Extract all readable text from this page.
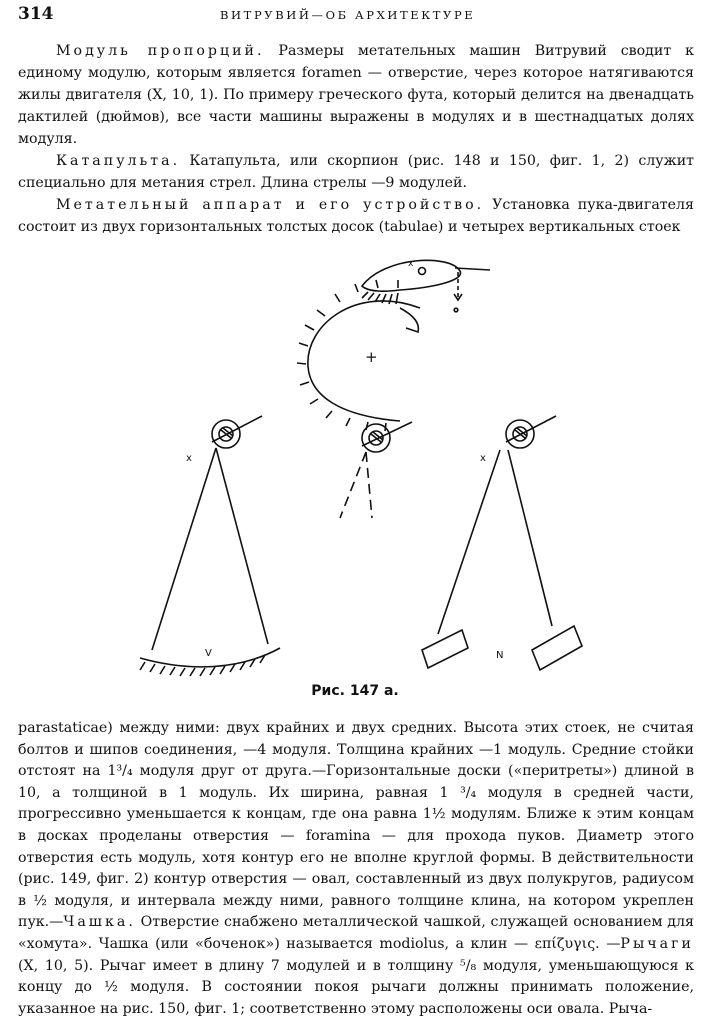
314	ВИТРУВИЙ—ОБ АРХИТЕКТУРЕ

Модуль пропорций. Размеры метательных машин Витрувий сводит к единому модулю, которым является foramen — отверстие, через которое натягиваются жилы двигателя (X, 10, 1). По примеру греческого фута, который делится на двенадцать дактилей (дюймов), все части машины выражены в модулях и в шестнадцатых долях модуля.

Катапульта. Катапульта, или скорпион (рис. 148 и 150, фиг. 1, 2) служит специально для метания стрел. Длина стрелы —9 модулей.

Метательный аппарат и его устройство. Установка пука-двигателя состоит из двух горизонтальных толстых досок (tabulae) и четырех вертикальных стоек

x
+
x
V
x
N
Рис. 147 а.

parastaticae) между ними: двух крайних и двух средних. Высота этих стоек, не считая болтов и шипов соединения, —4 модуля. Толщина крайних —1 модуль. Средние стойки отстоят на 1³/₄ модуля друг от друга.—Горизонтальные доски («перитреты») длиной в 10, а толщиной в 1 модуль. Их ширина, равная 1 ³/₄ модуля в средней части, прогрессивно уменьшается к концам, где она равна 1½ модулям. Ближе к этим концам в досках проделаны отверстия — foramina — для прохода пуков. Диаметр этого отверстия есть модуль, хотя контур его не вполне круглой формы. В действительности (рис. 149, фиг. 2) контур отверстия — овал, составленный из двух полукругов, радиусом в ½ модуля, и интервала между ними, равного толщине клина, на котором укреплен пук.—Чашка. Отверстие снабжено металлической чашкой, служащей основанием для «хомута». Чашка (или «боченок») называется modiolus, а клин — επίζυγις. —Рычаги (X, 10, 5). Рычаг имеет в длину 7 модулей и в толщину ⁵/₈ модуля, уменьшающуюся к концу до ½ модуля. В состоянии покоя рычаги должны принимать положение, указанное на рис. 150, фиг. 1; соответственно этому расположены оси овала. Рыча-
